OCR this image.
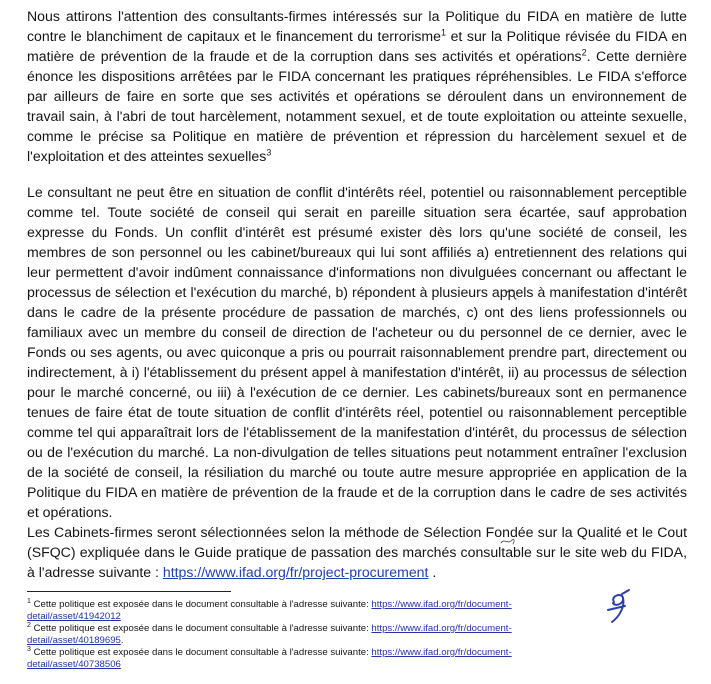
Nous attirons l'attention des consultants-firmes intéressés sur la Politique du FIDA en matière de lutte contre le blanchiment de capitaux et le financement du terrorisme$^1$ et sur la Politique révisée du FIDA en matière de prévention de la fraude et de la corruption dans ses activités et opérations$^2$. Cette dernière énonce les dispositions arrêtées par le FIDA concernant les pratiques répréhensibles. Le FIDA s'efforce par ailleurs de faire en sorte que ses activités et opérations se déroulent dans un environnement de travail sain, à l'abri de tout harcèlement, notamment sexuel, et de toute exploitation ou atteinte sexuelle, comme le précise sa Politique en matière de prévention et répression du harcèlement sexuel et de l'exploitation et des atteintes sexuelles$^3$

Le consultant ne peut être en situation de conflit d'intérêts réel, potentiel ou raisonnablement perceptible comme tel. Toute société de conseil qui serait en pareille situation sera écartée, sauf approbation expresse du Fonds. Un conflit d'intérêt est présumé exister dès lors qu'une société de conseil, les membres de son personnel ou les cabinet/bureaux qui lui sont affiliés a) entretiennent des relations qui leur permettent d'avoir indûment connaissance d'informations non divulguées concernant ou affectant le processus de sélection et l'exécution du marché, b) répondent à plusieurs appels à manifestation d'intérêt dans le cadre de la présente procédure de passation de marchés, c) ont des liens professionnels ou familiaux avec un membre du conseil de direction de l'acheteur ou du personnel de ce dernier, avec le Fonds ou ses agents, ou avec quiconque a pris ou pourrait raisonnablement prendre part, directement ou indirectement, à i) l'établissement du présent appel à manifestation d'intérêt, ii) au processus de sélection pour le marché concerné, ou iii) à l'exécution de ce dernier. Les cabinets/bureaux sont en permanence tenues de faire état de toute situation de conflit d'intérêts réel, potentiel ou raisonnablement perceptible comme tel qui apparaîtrait lors de l'établissement de la manifestation d'intérêt, du processus de sélection ou de l'exécution du marché. La non-divulgation de telles situations peut notamment entraîner l'exclusion de la société de conseil, la résiliation du marché ou toute autre mesure appropriée en application de la Politique du FIDA en matière de prévention de la fraude et de la corruption dans le cadre de ses activités et opérations.

Les Cabinets-firmes seront sélectionnées selon la méthode de Sélection Fondée sur la Qualité et le Cout (SFQC) expliquée dans le Guide pratique de passation des marchés consultable sur le site web du FIDA, à l'adresse suivante : https://www.ifad.org/fr/project-procurement .

$^1$ Cette politique est exposée dans le document consultable à l'adresse suivante: https://www.ifad.org/fr/document-detail/asset/41942012

$^2$ Cette politique est exposée dans le document consultable à l'adresse suivante: https://www.ifad.org/fr/document-detail/asset/40189695.

$^3$ Cette politique est exposée dans le document consultable à l'adresse suivante: https://www.ifad.org/fr/document-detail/asset/40738506
